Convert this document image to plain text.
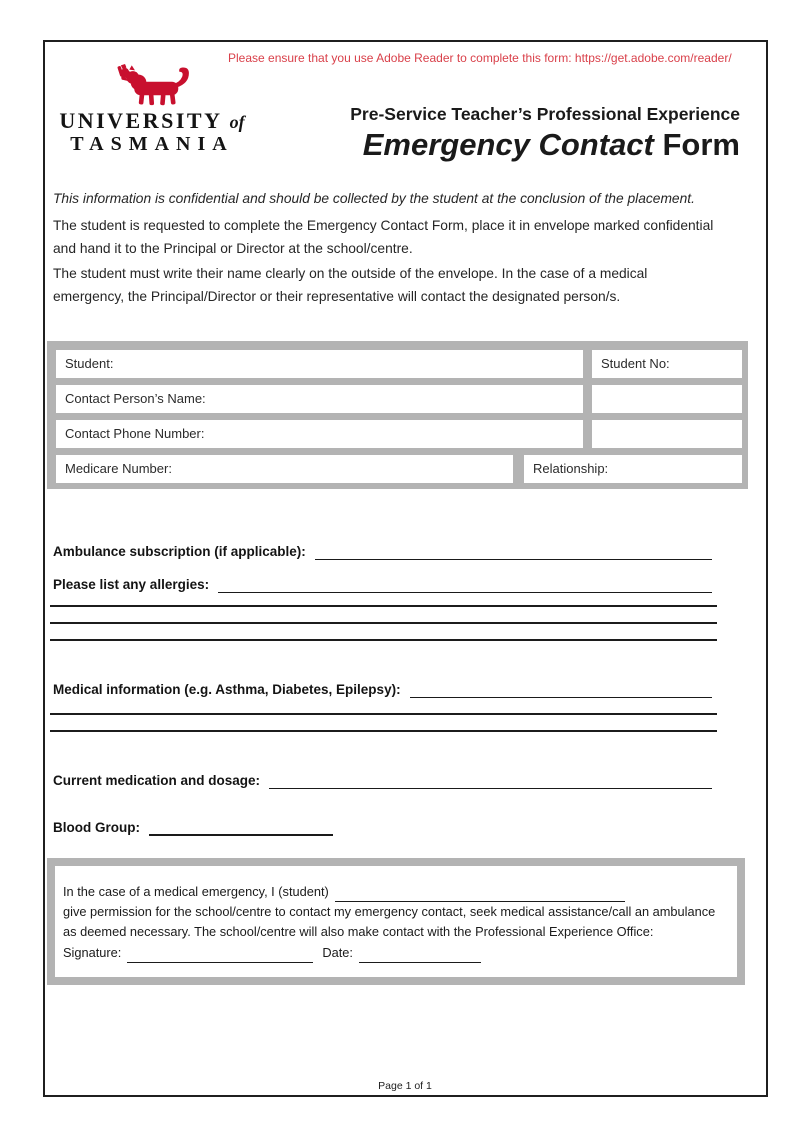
Please ensure that you use Adobe Reader to complete this form: https://get.adobe.com/reader/
UNIVERSITY of
TASMANIA
Pre-Service Teacher’s Professional Experience
Emergency Contact Form

This information is confidential and should be collected by the student at the conclusion of the placement.

The student is requested to complete the Emergency Contact Form, place it in envelope marked confidential and hand it to the Principal or Director at the school/centre.

The student must write their name clearly on the outside of the envelope. In the case of a medical emergency, the Principal/Director or their representative will contact the designated person/s.

Student:	Student No:
Contact Person’s Name:
Contact Phone Number:
Medicare Number:	Relationship:
Ambulance subscription (if applicable):
Please list any allergies:
Medical information (e.g. Asthma, Diabetes, Epilepsy):
Current medication and dosage:
Blood Group:
In the case of a medical emergency, I (student)
give permission for the school/centre to contact my emergency contact, seek medical assistance/call an ambulance
as deemed necessary. The school/centre will also make contact with the Professional Experience Office:
Signature:	Date:
Page 1 of 1
